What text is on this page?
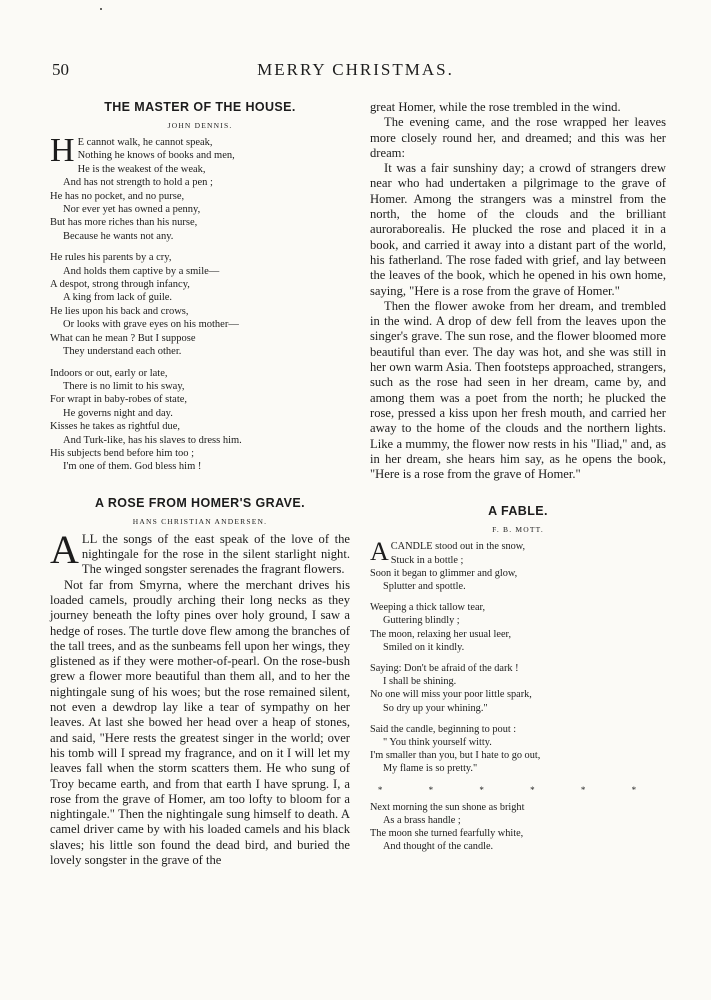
50	MERRY CHRISTMAS.
THE MASTER OF THE HOUSE.
JOHN DENNIS.
H E cannot walk, he cannot speak,
Nothing he knows of books and men,
He is the weakest of the weak,
And has not strength to hold a pen ;
He has no pocket, and no purse,
Nor ever yet has owned a penny,
But has more riches than his nurse,
Because he wants not any.
He rules his parents by a cry,
And holds them captive by a smile—
A despot, strong through infancy,
A king from lack of guile.
He lies upon his back and crows,
Or looks with grave eyes on his mother—
What can he mean ? But I suppose
They understand each other.
Indoors or out, early or late,
There is no limit to his sway,
For wrapt in baby-robes of state,
He governs night and day.
Kisses he takes as rightful due,
And Turk-like, has his slaves to dress him.
His subjects bend before him too ;
I'm one of them. God bless him !
A ROSE FROM HOMER'S GRAVE.
HANS CHRISTIAN ANDERSEN.

ALL the songs of the east speak of the love of the nightingale for the rose in the silent starlight night. The winged songster serenades the fragrant flowers.

Not far from Smyrna, where the merchant drives his loaded camels, proudly arching their long necks as they journey beneath the lofty pines over holy ground, I saw a hedge of roses. The turtle dove flew among the branches of the tall trees, and as the sunbeams fell upon her wings, they glistened as if they were mother-of-pearl. On the rose-bush grew a flower more beautiful than them all, and to her the nightingale sung of his woes; but the rose remained silent, not even a dewdrop lay like a tear of sympathy on her leaves. At last she bowed her head over a heap of stones, and said, "Here rests the greatest singer in the world; over his tomb will I spread my fragrance, and on it I will let my leaves fall when the storm scatters them. He who sung of Troy became earth, and from that earth I have sprung. I, a rose from the grave of Homer, am too lofty to bloom for a nightingale." Then the nightingale sung himself to death. A camel driver came by with his loaded camels and his black slaves; his little son found the dead bird, and buried the lovely songster in the grave of the

great Homer, while the rose trembled in the wind.

The evening came, and the rose wrapped her leaves more closely round her, and dreamed; and this was her dream:

It was a fair sunshiny day; a crowd of strangers drew near who had undertaken a pilgrimage to the grave of Homer. Among the strangers was a minstrel from the north, the home of the clouds and the brilliant auroraborealis. He plucked the rose and placed it in a book, and carried it away into a distant part of the world, his fatherland. The rose faded with grief, and lay between the leaves of the book, which he opened in his own home, saying, "Here is a rose from the grave of Homer."

Then the flower awoke from her dream, and trembled in the wind. A drop of dew fell from the leaves upon the singer's grave. The sun rose, and the flower bloomed more beautiful than ever. The day was hot, and she was still in her own warm Asia. Then footsteps approached, strangers, such as the rose had seen in her dream, came by, and among them was a poet from the north; he plucked the rose, pressed a kiss upon her fresh mouth, and carried her away to the home of the clouds and the northern lights. Like a mummy, the flower now rests in his "Iliad," and, as in her dream, she hears him say, as he opens the book, "Here is a rose from the grave of Homer."

A FABLE.
F. B. MOTT.
A CANDLE stood out in the snow,
Stuck in a bottle ;
Soon it began to glimmer and glow,
Splutter and spottle.
Weeping a thick tallow tear,
Guttering blindly ;
The moon, relaxing her usual leer,
Smiled on it kindly.
Saying: Don't be afraid of the dark !
I shall be shining.
No one will miss your poor little spark,
So dry up your whining."
Said the candle, beginning to pout :
" You think yourself witty.
I'm smaller than you, but I hate to go out,
My flame is so pretty."
* * * * * *
Next morning the sun shone as bright
As a brass handle ;
The moon she turned fearfully white,
And thought of the candle.
